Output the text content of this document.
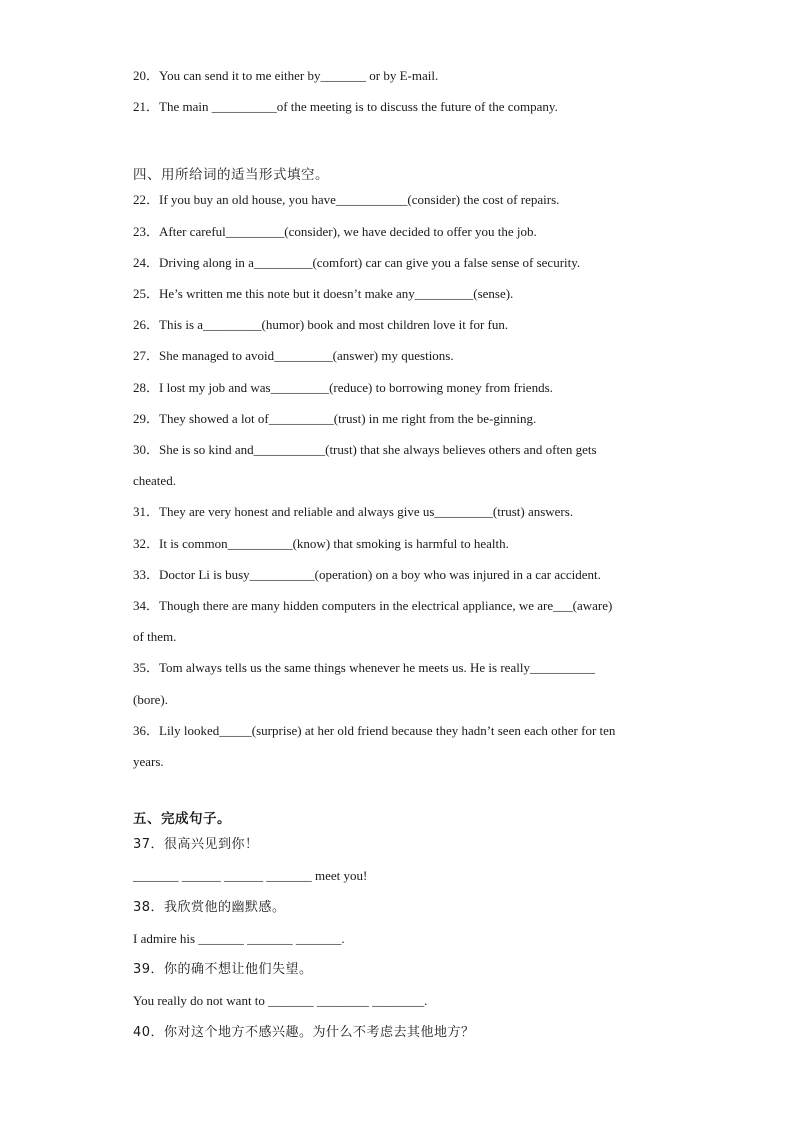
20．You can send it to me either by_______ or by E-mail.
21．The main __________of the meeting is to discuss the future of the company.
四、用所给词的适当形式填空。
22．If you buy an old house, you have___________(consider) the cost of repairs.
23．After careful_________(consider), we have decided to offer you the job.
24．Driving along in a_________(comfort) car can give you a false sense of security.
25．He’s written me this note but it doesn’t make any_________(sense).
26．This is a_________(humor) book and most children love it for fun.
27．She managed to avoid_________(answer) my questions.
28．I lost my job and was_________(reduce) to borrowing money from friends.
29．They showed a lot of__________(trust) in me right from the be-ginning.
30．She is so kind and___________(trust) that she always believes others and often gets
cheated.
31．They are very honest and reliable and always give us_________(trust) answers.
32．It is common__________(know) that smoking is harmful to health.
33．Doctor Li is busy__________(operation) on a boy who was injured in a car accident.
34．Though there are many hidden computers in the electrical appliance, we are___(aware)
of them.
35．Tom always tells us the same things whenever he meets us. He is really__________
(bore).
36．Lily looked_____(surprise) at her old friend because they hadn’t seen each other for ten
years.
五、完成句子。
37．很高兴见到你！
_______ ______ ______ _______ meet you!
38．我欣赏他的幽默感。
I admire his _______ _______ _______.
39．你的确不想让他们失望。
You really do not want to _______ ________ ________.
40．你对这个地方不感兴趣。为什么不考虑去其他地方？
